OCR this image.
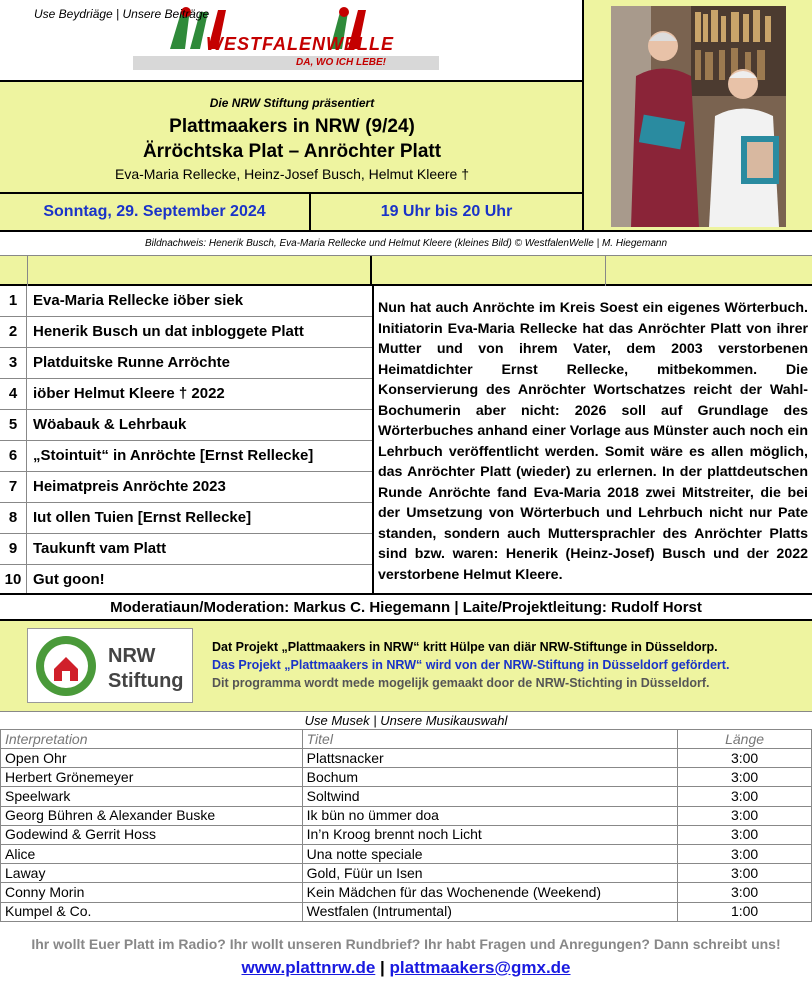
WESTFALENWELLE
DA, WO ICH LEBE!
Die NRW Stiftung präsentiert
Plattmaakers in NRW (9/24)
Ärröchtska Plat – Anröchter Platt
Eva-Maria Rellecke, Heinz-Josef Busch, Helmut Kleere †
Sonntag, 29. September 2024	19 Uhr bis 20 Uhr
Bildnachweis: Henerik Busch, Eva-Maria Rellecke und Helmut Kleere (kleines Bild) © WestfalenWelle | M. Hiegemann
Use Beydriäge | Unsere Beiträge
1	Eva-Maria Rellecke iöber siek
2	Henerik Busch un dat inbloggete Platt
3	Platduitske Runne Arröchte
4	iöber Helmut Kleere † 2022
5	Wöabauk & Lehrbauk
6	„Stointuit“ in Anröchte [Ernst Rellecke]
7	Heimatpreis Anröchte 2023
8	Iut ollen Tuien [Ernst Rellecke]
9	Taukunft vam Platt
10 Gut goon!
Nun hat auch Anröchte im Kreis Soest ein eigenes Wörterbuch. Initiatorin Eva-Maria Rellecke hat das Anröchter Platt von ihrer Mutter und von ihrem Vater, dem 2003 verstorbenen Heimatdichter Ernst Rellecke, mitbekommen. Die Konservierung des Anröchter Wortschatzes reicht der Wahl-Bochumerin aber nicht: 2026 soll auf Grundlage des Wörterbuches anhand einer Vorlage aus Münster auch noch ein Lehrbuch veröffentlicht werden. Somit wäre es allen möglich, das Anröchter Platt (wieder) zu erlernen. In der plattdeutschen Runde Anröchte fand Eva-Maria 2018 zwei Mitstreiter, die bei der Umsetzung von Wörterbuch und Lehrbuch nicht nur Pate standen, sondern auch Muttersprachler des Anröchter Platts sind bzw. waren: Henerik (Heinz-Josef) Busch und der 2022 verstorbene Helmut Kleere.
Moderatiaun/Moderation: Markus C. Hiegemann | Laite/Projektleitung: Rudolf Horst
NRW
Stiftung
Dat Projekt „Plattmaakers in NRW“ kritt Hülpe van diär NRW-Stiftunge in Düsseldorp.
Das Projekt „Plattmaakers in NRW“ wird von der NRW-Stiftung in Düsseldorf gefördert.
Dit programma wordt mede mogelijk gemaakt door de NRW-Stichting in Düsseldorf.
Use Musek | Unsere Musikauswahl
Interpretation	Titel	Länge
Open Ohr	Plattsnacker	3:00
Herbert Grönemeyer	Bochum	3:00
Speelwark	Soltwind	3:00
Georg Bühren & Alexander Buske	Ik bün no ümmer doa	3:00
Godewind & Gerrit Hoss	In’n Kroog brennt noch Licht	3:00
Alice	Una notte speciale	3:00
Laway	Gold, Füür un Isen	3:00
Conny Morin	Kein Mädchen für das Wochenende (Weekend)	3:00
Kumpel & Co.	Westfalen (Intrumental)	1:00
Ihr wollt Euer Platt im Radio? Ihr wollt unseren Rundbrief? Ihr habt Fragen und Anregungen? Dann schreibt uns!
www.plattnrw.de | plattmaakers@gmx.de
